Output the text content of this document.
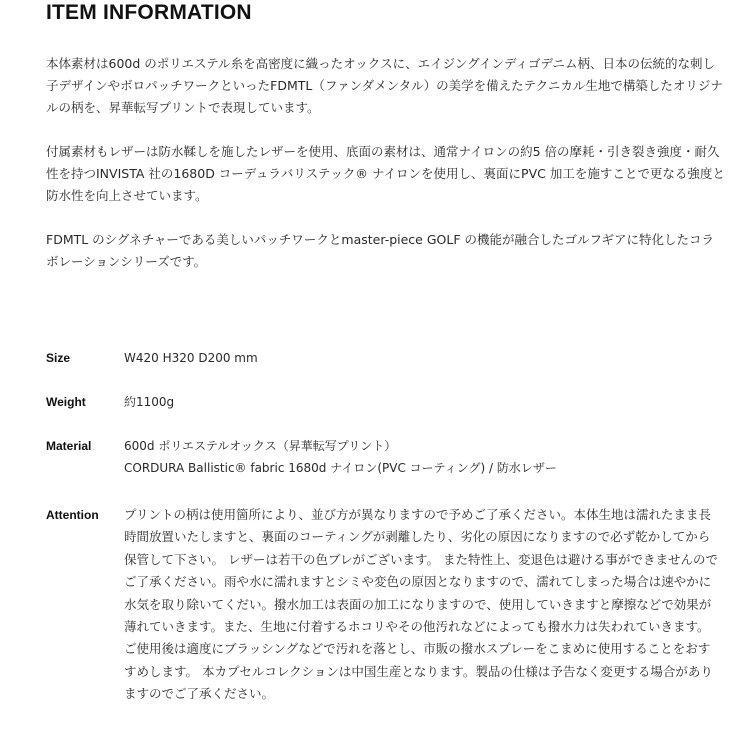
ITEM INFORMATION

本体素材は600d のポリエステル糸を高密度に織ったオックスに、エイジングインディゴデニム柄、日本の伝統的な刺し子デザインやボロパッチワークといったFDMTL（ファンダメンタル）の美学を備えたテクニカル生地で構築したオリジナルの柄を、昇華転写プリントで表現しています。

付属素材もレザーは防水鞣しを施したレザーを使用、底面の素材は、通常ナイロンの約5 倍の摩耗・引き裂き強度・耐久性を持つINVISTA 社の1680D コーデュラバリステック® ナイロンを使用し、裏面にPVC 加工を施すことで更なる強度と防水性を向上させています。

FDMTL のシグネチャーである美しいパッチワークとmaster-piece GOLF の機能が融合したゴルフギアに特化したコラボレーションシリーズです。

Size	W420 H320 D200 mm
Weight	約1100g
Material	600d ポリエステルオックス（昇華転写プリント）
CORDURA Ballistic® fabric 1680d ナイロン(PVC コーティング) / 防水レザー
Attention プリントの柄は使用箇所により、並び方が異なりますので予めご了承ください。本体生地は濡れたまま長時間放置いたしますと、裏面のコーティングが剥離したり、劣化の原因になりますので必ず乾かしてから保管して下さい。 レザーは若干の色ブレがございます。 また特性上、変退色は避ける事ができませんのでご了承ください。雨や水に濡れますとシミや変色の原因となりますので、濡れてしまった場合は速やかに水気を取り除いてくだい。撥水加工は表面の加工になりますので、使用していきますと摩擦などで効果が薄れていきます。また、生地に付着するホコリやその他汚れなどによっても撥水力は失われていきます。ご使用後は適度にブラッシングなどで汚れを落とし、市販の撥水スプレーをこまめに使用することをおすすめします。 本カプセルコレクションは中国生産となります。製品の仕様は予告なく変更する場合がありますのでご了承ください。
